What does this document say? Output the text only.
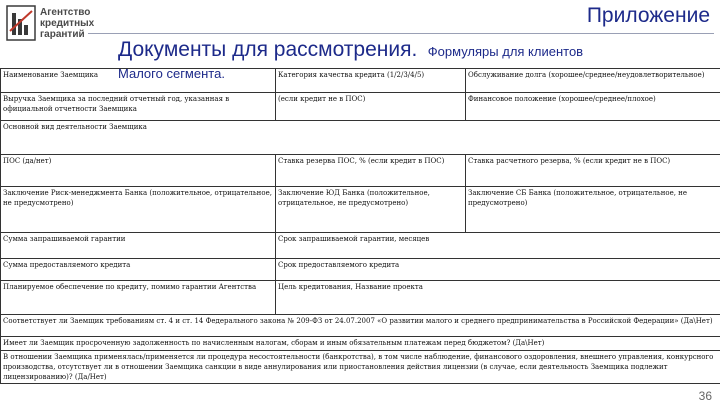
Агентство
кредитных
гарантий
Приложение
Документы для рассмотрения. Формуляры для клиентов
Наименование Заемщика	Категория качества кредита (1/2/3/4/5)	Обслуживание долга (хорошее/среднее/неудовлетворительное)
Выручка Заемщика за последний отчетный год, указанная в официальной отчетности Заемщика	(если кредит не в ПОС)	Финансовое положение (хорошее/среднее/плохое)
Основной вид деятельности Заемщика		
ПОС (да/нет)	Ставка резерва ПОС, % (если кредит в ПОС)	Ставка расчетного резерва, % (если кредит не в ПОС)
Заключение Риск-менеджмента Банка (положительное, отрицательное, не предусмотрено)	Заключение ЮД Банка (положительное, отрицательное, не предусмотрено)	Заключение СБ Банка (положительное, отрицательное, не предусмотрено)
Сумма запрашиваемой гарантии	Срок запрашиваемой гарантии, месяцев	
Сумма предоставляемого кредита	Срок предоставляемого кредита	
Планируемое обеспечение по кредиту, помимо гарантии Агентства	Цель кредитования, Название проекта	
Соответствует ли Заемщик требованиям ст. 4 и ст. 14 Федерального закона № 209-ФЗ от 24.07.2007 «О развитии малого и среднего предпринимательства в Российской Федерации» (Да\Нет)		
Имеет ли Заемщик просроченную задолженность по начисленным налогам, сборам и иным обязательным платежам перед бюджетом? (Да\Нет)		
В отношении Заемщика применялась/применяется ли процедура несостоятельности (банкротства), в том числе наблюдение, финансового оздоровления, внешнего управления, конкурсного производства, отсутствует ли в отношении Заемщика санкции в виде аннулирования или приостановления действия лицензии (в случае, если деятельность Заемщика подлежит лицензированию)? (Да/Нет)		
Малого сегмента.
36
